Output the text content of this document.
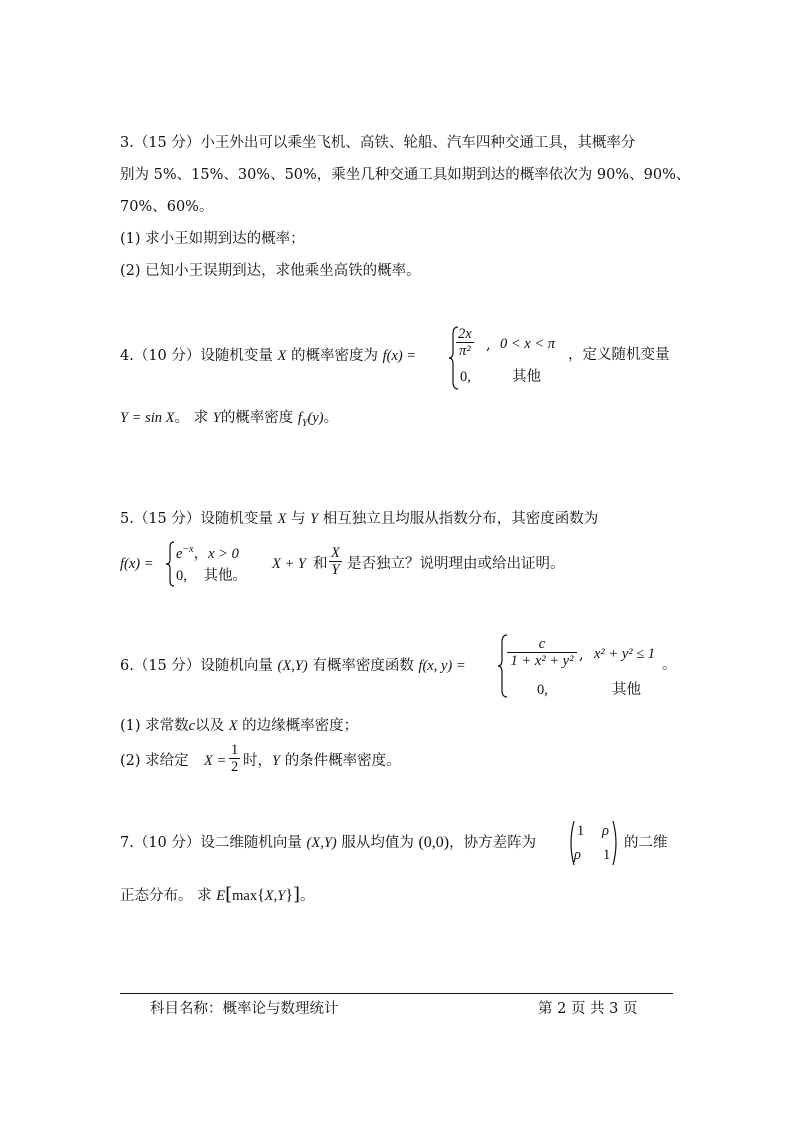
3.（15 分）小王外出可以乘坐飞机、高铁、轮船、汽车四种交通工具，其概率分
别为 5%、15%、30%、50%，乘坐几种交通工具如期到达的概率依次为 90%、90%、
70%、60%。
(1) 求小王如期到达的概率；
(2) 已知小王误期到达，求他乘坐高铁的概率。
4.（10 分）设随机变量 X 的概率密度为 f(x) =	$\frac{2x}{\text{π²}}$ , 0 < x < π
0,	其他
，定义随机变量
Y = sin X。 求 Y的概率密度 $f_Y(y)$。
5.（15 分）设随机变量 X 与 Y 相互独立且均服从指数分布，其密度函数为
f(x) =
$e^{-x}$，x > 0
0, 其他。
X + Y 和 $\frac{X}{Y}$ 是否独立？说明理由或给出证明。
6.（15 分）设随机向量 (X,Y) 有概率密度函数 f(x, y) =	$\frac{c}{\text{1 + x² + y²}}$ , x² + y² ≤ 1
0,	其他
。
(1) 求常数c以及 X 的边缘概率密度；
(2) 求给定 $X = \frac{1}{2}$ 时，Y 的条件概率密度。
7.（10 分）设二维随机向量 (X,Y) 服从均值为 (0,0)，协方差阵为
1 ρ
ρ 1
的二维
正态分布。 求 E[max{X,Y}]。
科目名称：概率论与数理统计	第 2 页 共 3 页
